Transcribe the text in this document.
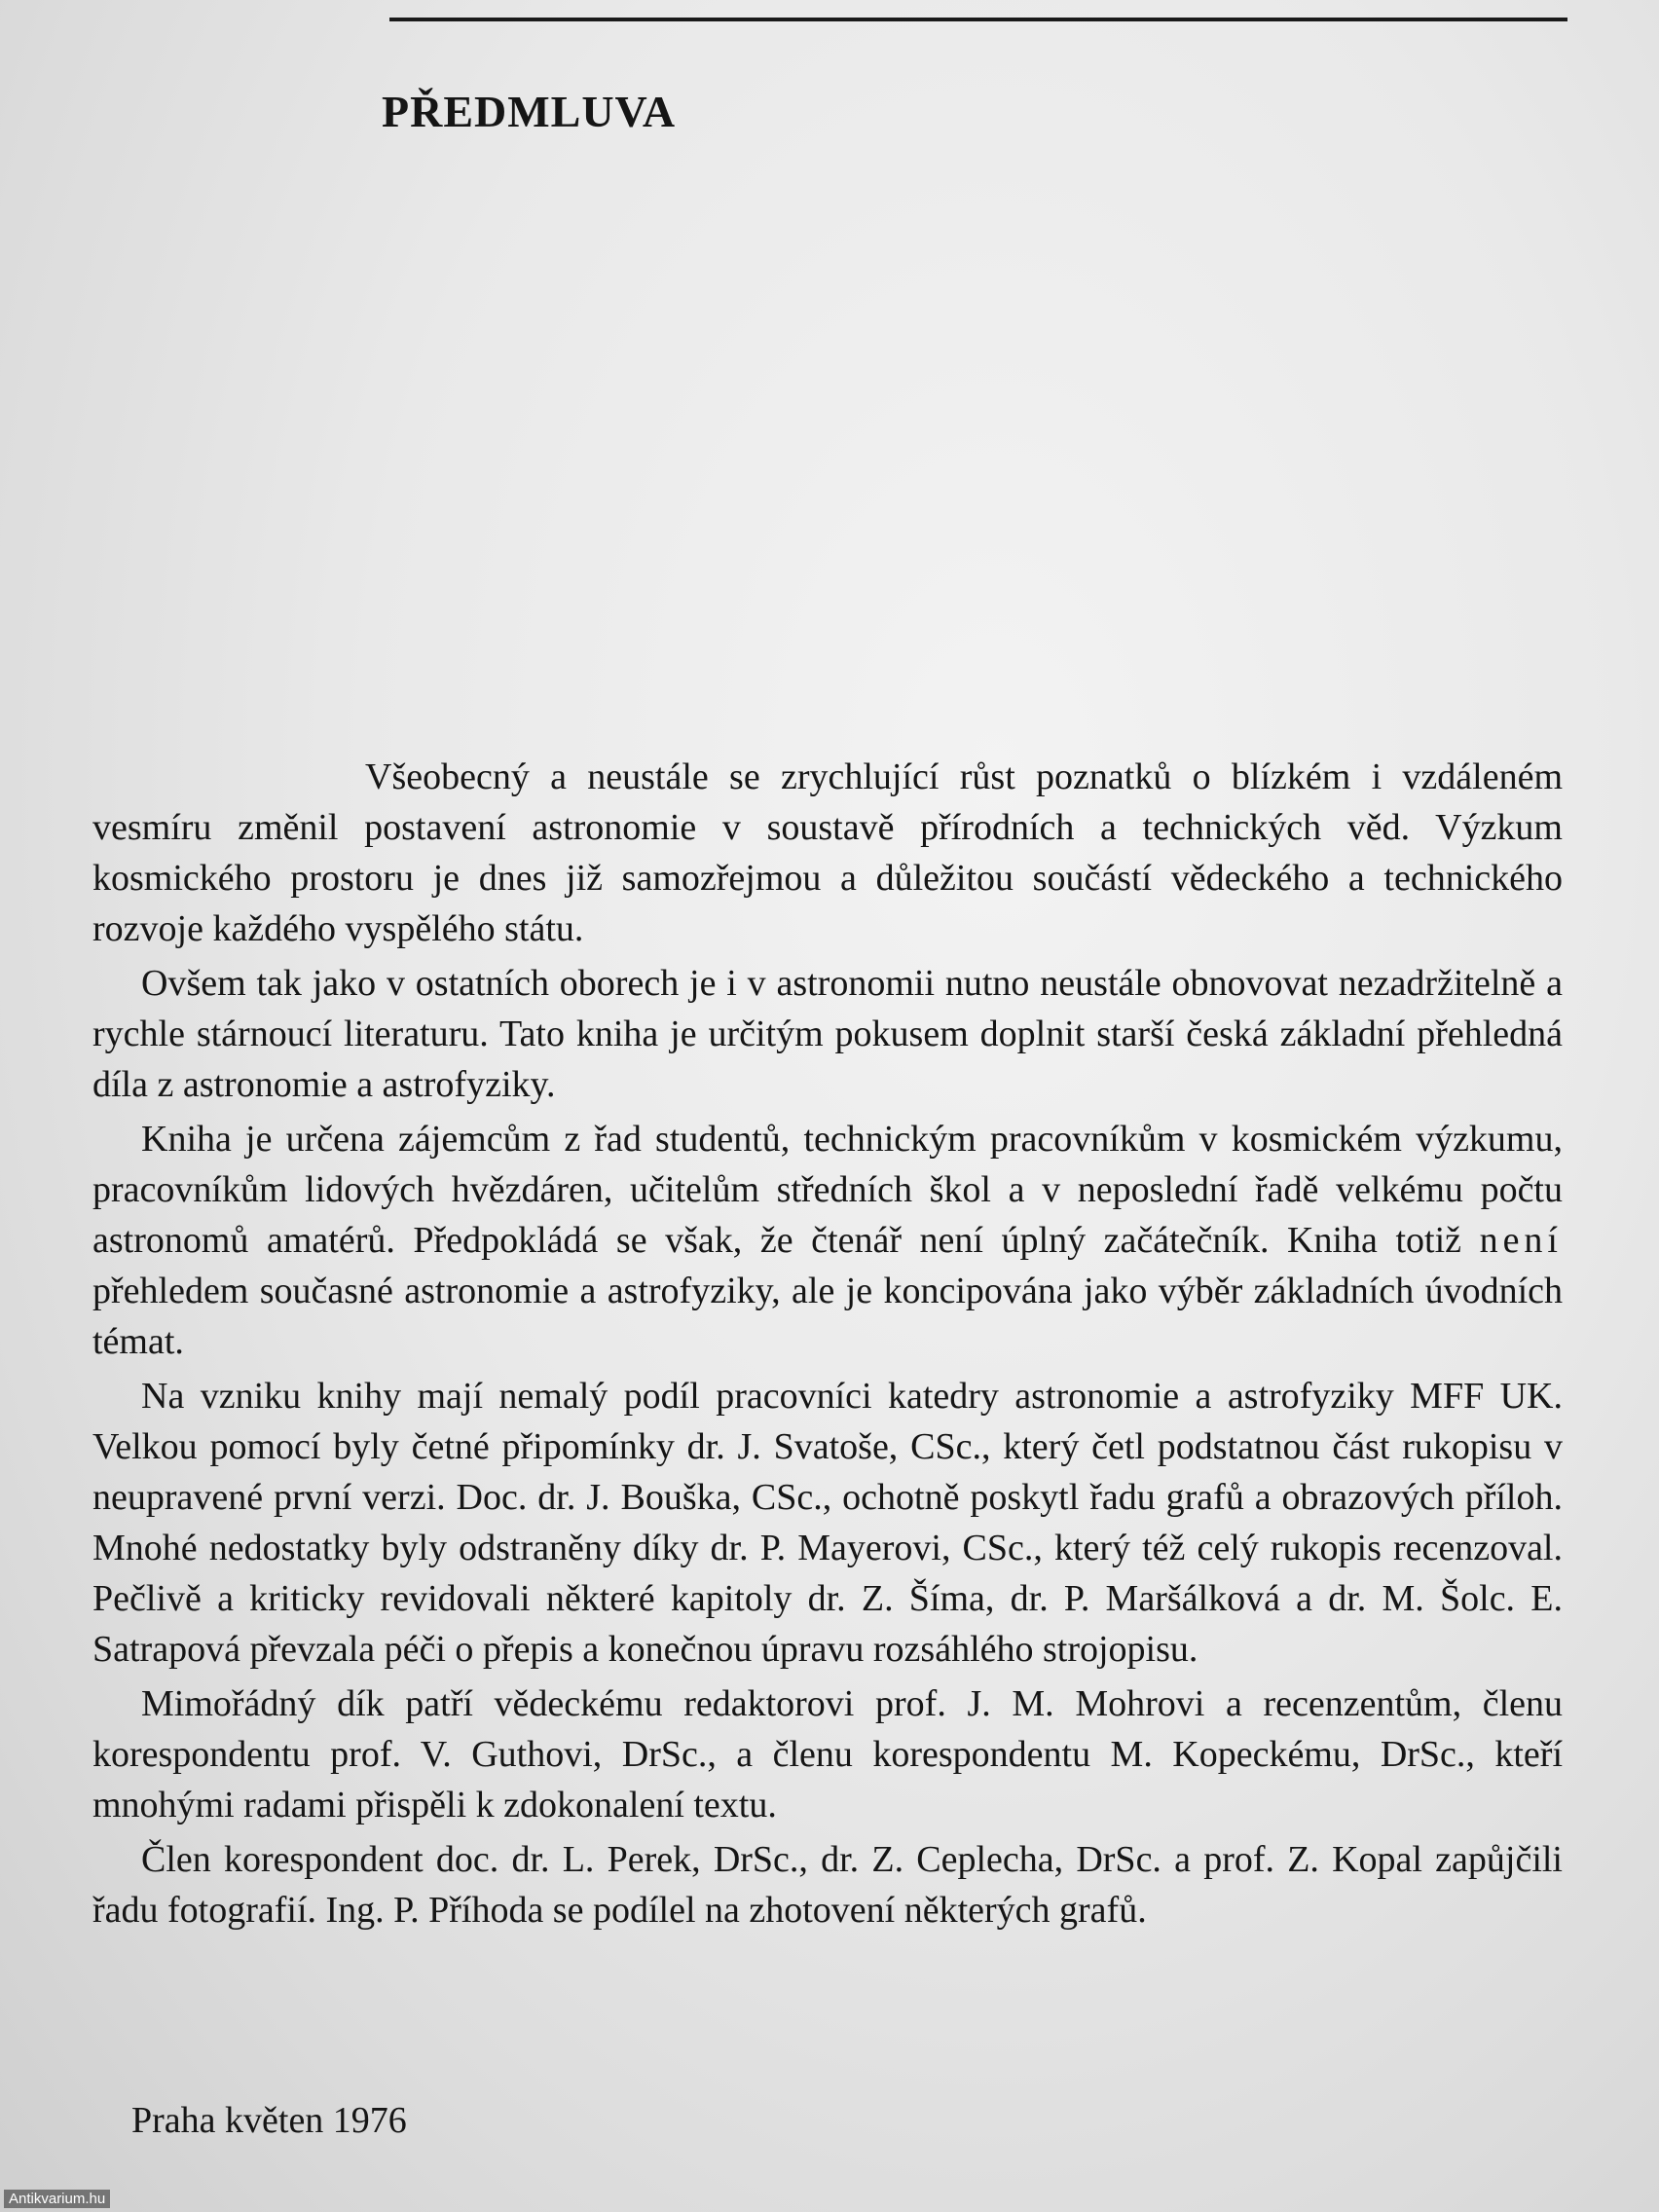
PŘEDMLUVA

Všeobecný a neustále se zrychlující růst poznatků o blízkém i vzdáleném vesmíru změnil postavení astronomie v soustavě přírodních a technických věd. Výzkum kosmického prostoru je dnes již samozřejmou a důležitou součástí vědeckého a technického rozvoje každého vyspělého státu.

Ovšem tak jako v ostatních oborech je i v astronomii nutno neustále obnovovat nezadržitelně a rychle stárnoucí literaturu. Tato kniha je určitým pokusem doplnit starší česká základní přehledná díla z astronomie a astrofyziky.

Kniha je určena zájemcům z řad studentů, technickým pracovníkům v kosmickém výzkumu, pracovníkům lidových hvězdáren, učitelům středních škol a v neposlední řadě velkému počtu astronomů amatérů. Předpokládá se však, že čtenář není úplný začátečník. Kniha totiž není přehledem současné astronomie a astrofyziky, ale je koncipována jako výběr základních úvodních témat.

Na vzniku knihy mají nemalý podíl pracovníci katedry astronomie a astrofyziky MFF UK. Velkou pomocí byly četné připomínky dr. J. Svatoše, CSc., který četl podstatnou část rukopisu v neupravené první verzi. Doc. dr. J. Bouška, CSc., ochotně poskytl řadu grafů a obrazových příloh. Mnohé nedostatky byly odstraněny díky dr. P. Mayerovi, CSc., který též celý rukopis recenzoval. Pečlivě a kriticky revidovali některé kapitoly dr. Z. Šíma, dr. P. Maršálková a dr. M. Šolc. E. Satrapová převzala péči o přepis a konečnou úpravu rozsáhlého strojopisu.

Mimořádný dík patří vědeckému redaktorovi prof. J. M. Mohrovi a recenzentům, členu korespondentu prof. V. Guthovi, DrSc., a členu korespondentu M. Kopeckému, DrSc., kteří mnohými radami přispěli k zdokonalení textu.

Člen korespondent doc. dr. L. Perek, DrSc., dr. Z. Ceplecha, DrSc. a prof. Z. Kopal zapůjčili řadu fotografií. Ing. P. Příhoda se podílel na zhotovení některých grafů.

Praha květen 1976

Antikvarium.hu
